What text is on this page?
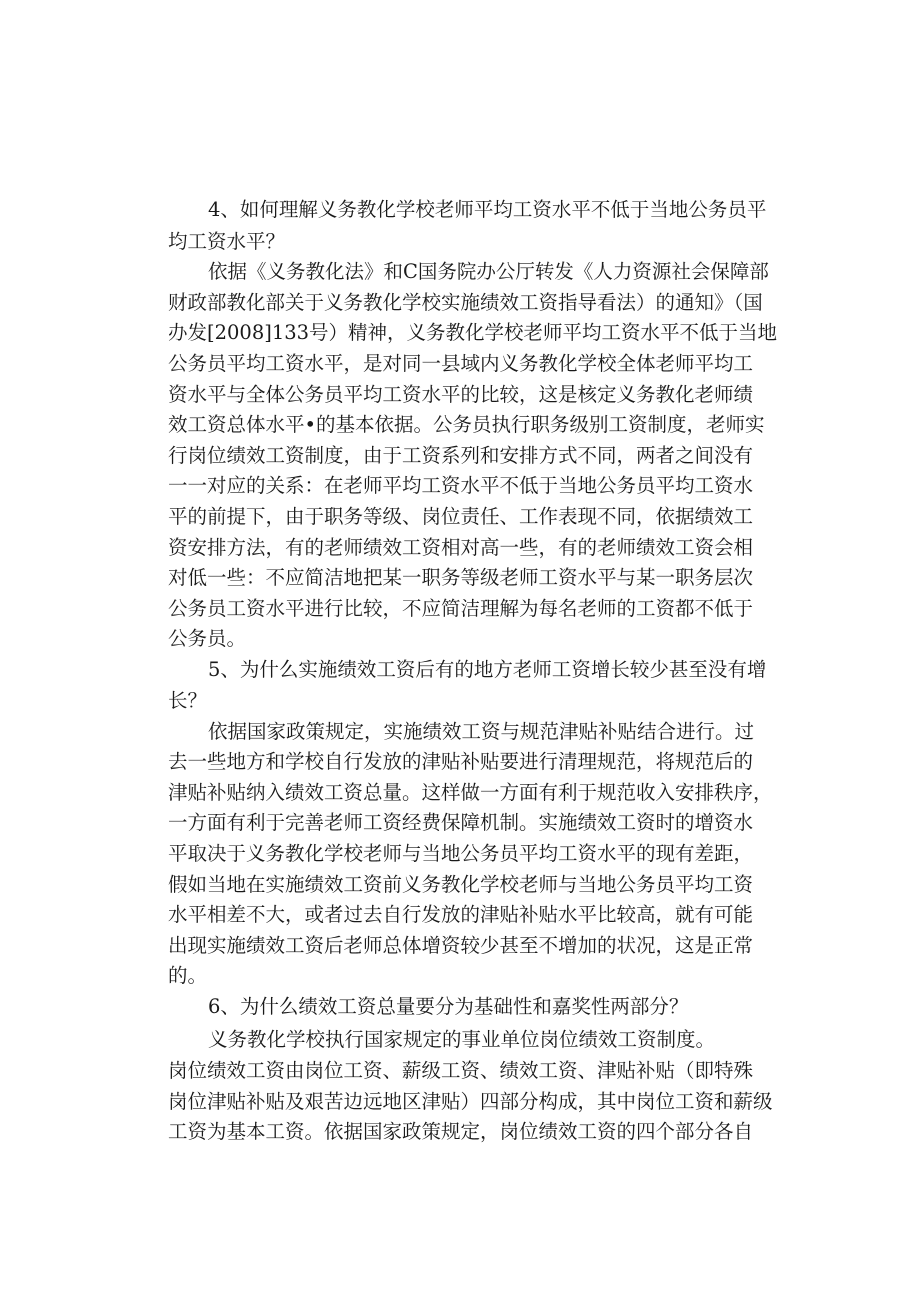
4、如何理解义务教化学校老师平均工资水平不低于当地公务员平
均工资水平？
依据《义务教化法》和C国务院办公厅转发《人力资源社会保障部
财政部教化部关于义务教化学校实施绩效工资指导看法）的通知》（国
办发[2008]133号）精神，义务教化学校老师平均工资水平不低于当地
公务员平均工资水平，是对同一县域内义务教化学校全体老师平均工
资水平与全体公务员平均工资水平的比较，这是核定义务教化老师绩
效工资总体水平•的基本依据。公务员执行职务级别工资制度，老师实
行岗位绩效工资制度，由于工资系列和安排方式不同，两者之间没有
一一对应的关系：在老师平均工资水平不低于当地公务员平均工资水
平的前提下，由于职务等级、岗位责任、工作表现不同，依据绩效工
资安排方法，有的老师绩效工资相对高一些，有的老师绩效工资会相
对低一些：不应简洁地把某一职务等级老师工资水平与某一职务层次
公务员工资水平进行比较，不应简洁理解为每名老师的工资都不低于
公务员。
5、为什么实施绩效工资后有的地方老师工资增长较少甚至没有增
长？
依据国家政策规定，实施绩效工资与规范津贴补贴结合进行。过
去一些地方和学校自行发放的津贴补贴要进行清理规范，将规范后的
津贴补贴纳入绩效工资总量。这样做一方面有利于规范收入安排秩序，
一方面有利于完善老师工资经费保障机制。实施绩效工资时的增资水
平取决于义务教化学校老师与当地公务员平均工资水平的现有差距，
假如当地在实施绩效工资前义务教化学校老师与当地公务员平均工资
水平相差不大，或者过去自行发放的津贴补贴水平比较高，就有可能
出现实施绩效工资后老师总体增资较少甚至不增加的状况，这是正常
的。
6、为什么绩效工资总量要分为基础性和嘉奖性两部分？
义务教化学校执行国家规定的事业单位岗位绩效工资制度。
岗位绩效工资由岗位工资、薪级工资、绩效工资、津贴补贴（即特殊
岗位津贴补贴及艰苦边远地区津贴）四部分构成，其中岗位工资和薪级
工资为基本工资。依据国家政策规定，岗位绩效工资的四个部分各自
